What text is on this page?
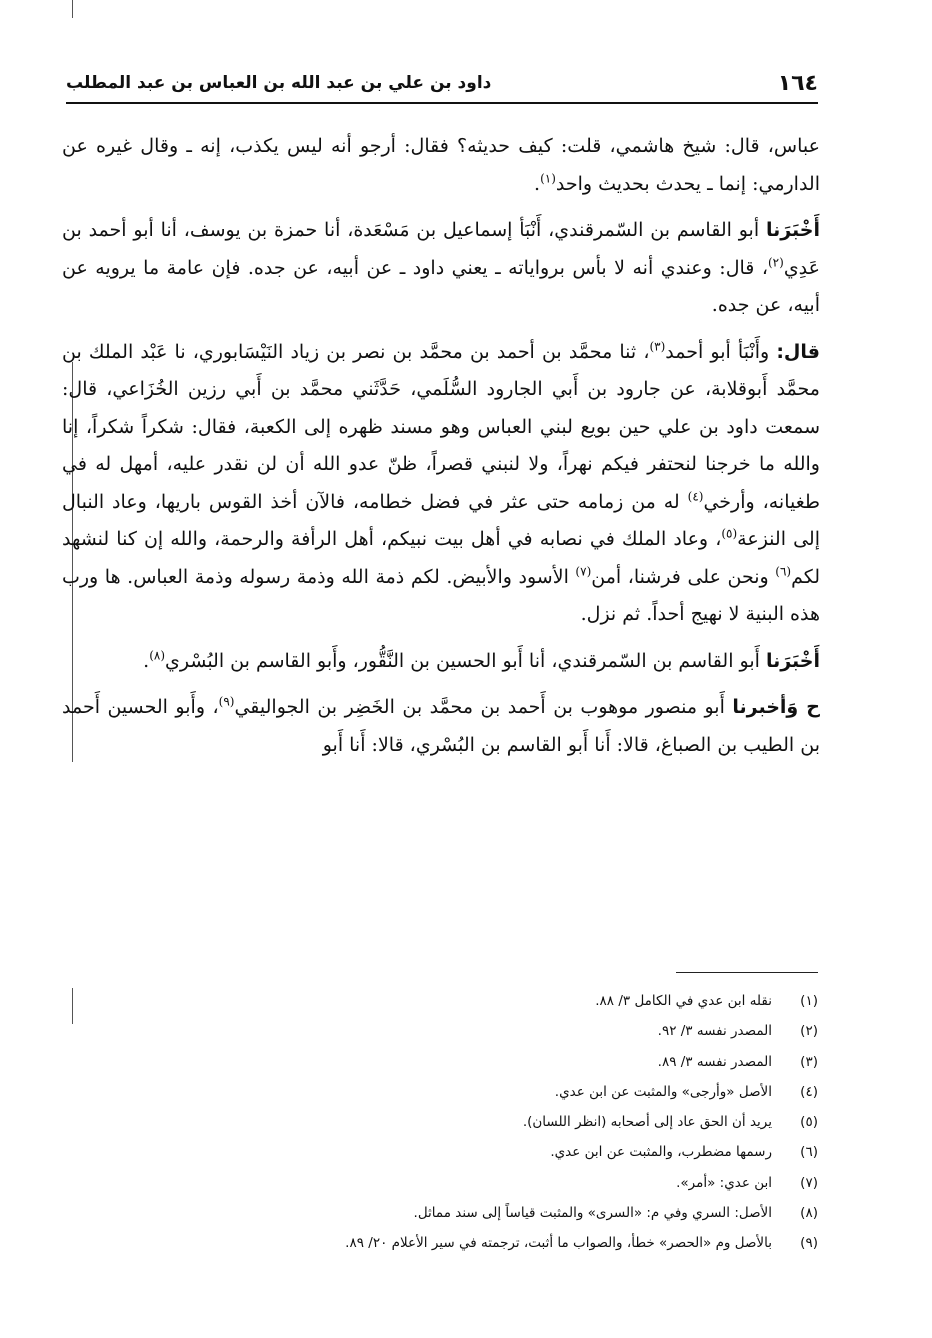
١٦٤
داود بن علي بن عبد الله بن العباس بن عبد المطلب

عباس، قال: شيخ هاشمي، قلت: كيف حديثه؟ فقال: أرجو أنه ليس يكذب، إنه ـ وقال غيره عن الدارمي: إنما ـ يحدث بحديث واحد$^{(١)}$.

أَخْبَرَنا أبو القاسم بن السّمرقندي، أَنْبَأ إسماعيل بن مَسْعَدة، أنا حمزة بن يوسف، أنا أبو أحمد بن عَدِي$^{(٢)}$، قال: وعندي أنه لا بأس برواياته ـ يعني داود ـ عن أبيه، عن جده. فإن عامة ما يرويه عن أبيه، عن جده.

قال: وأَنْبَأ أبو أحمد$^{(٣)}$، ثنا محمَّد بن أحمد بن محمَّد بن نصر بن زياد النَيْسَابوري، نا عَبْد الملك بن محمَّد أَبوقلابة، عن جارود بن أَبي الجارود السُّلَمي، حَدَّثَني محمَّد بن أَبي رزين الخُزَاعي، قال: سمعت داود بن علي حين بويع لبني العباس وهو مسند ظهره إلى الكعبة، فقال: شكراً شكراً، إنا والله ما خرجنا لنحتفر فيكم نهراً، ولا لنبني قصراً، ظنّ عدو الله أن لن نقدر عليه، أمهل له في طغيانه، وأرخي$^{(٤)}$ له من زمامه حتى عثر في فضل خطامه، فالآن أخذ القوس باريها، وعاد النبال إلى النزعة$^{(٥)}$، وعاد الملك في نصابه في أهل بيت نبيكم، أهل الرأفة والرحمة، والله إن كنا لنشهد لكم$^{(٦)}$ ونحن على فرشنا، أمن$^{(٧)}$ الأسود والأبيض. لكم ذمة الله وذمة رسوله وذمة العباس. ها ورب هذه البنية لا نهيج أحداً. ثم نزل.

أَخْبَرَنا أَبو القاسم بن السّمرقندي، أنا أَبو الحسين بن النَّقُّور، وأَبو القاسم بن البُسْري$^{(٨)}$.

ح وَأخبرنا أَبو منصور موهوب بن أَحمد بن محمَّد بن الخَضِر بن الجواليقي$^{(٩)}$، وأَبو الحسين أَحمد بن الطيب بن الصباغ، قالا: أَنا أَبو القاسم بن البُسْري، قالا: أَنا أَبو

(١)
نقله ابن عدي في الكامل ٣/ ٨٨.
(٢)
المصدر نفسه ٣/ ٩٢.
(٣)
المصدر نفسه ٣/ ٨٩.
(٤)
الأصل «وأرجى» والمثبت عن ابن عدي.
(٥)
يريد أن الحق عاد إلى أصحابه (انظر اللسان).
(٦)
رسمها مضطرب، والمثبت عن ابن عدي.
(٧)
ابن عدي: «أمر».
(٨)
الأصل: السري وفي م: «السرى» والمثبت قياساً إلى سند مماثل.
(٩)
بالأصل وم «الحصر» خطأ، والصواب ما أثبت، ترجمته في سير الأعلام ٢٠/ ٨٩.
